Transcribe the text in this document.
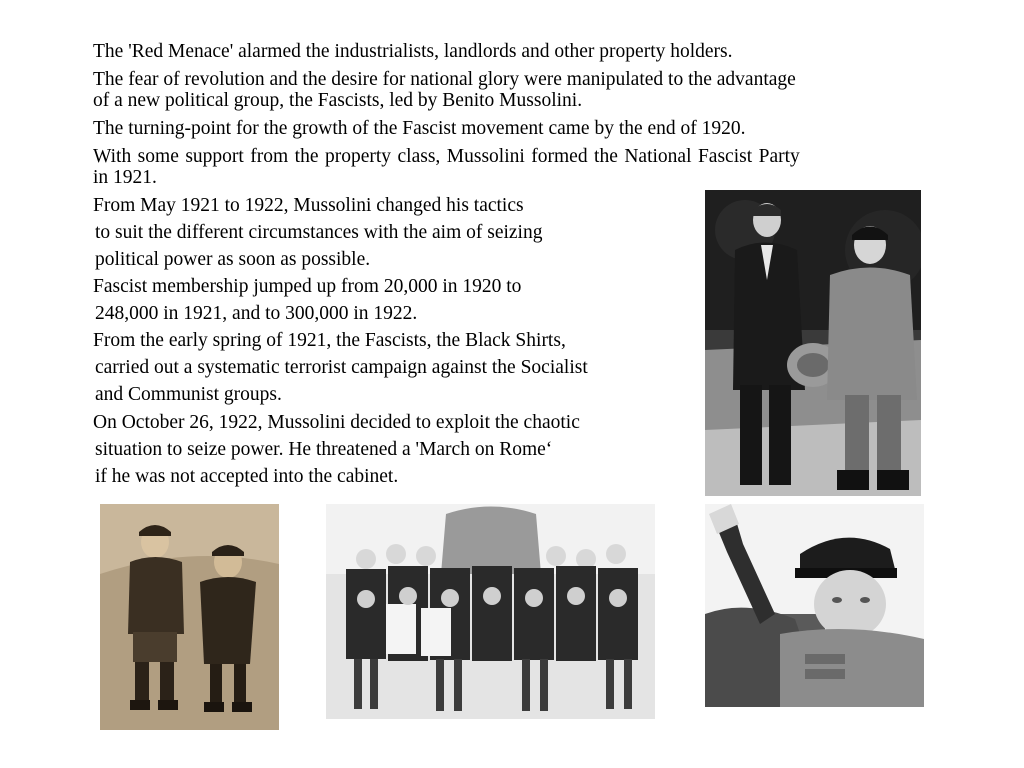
The 'Red Menace' alarmed the industrialists, landlords and other property holders.
The fear of revolution and the desire for national glory were manipulated to the advantage
of a new political group, the Fascists, led by Benito Mussolini.
The turning-point for the growth of the Fascist movement came by the end of 1920.
With some support from the property class, Mussolini formed the National Fascist Party
in 1921.
From May 1921 to 1922, Mussolini changed his tactics
to suit the different circumstances with the aim of seizing
political power as soon as possible.
Fascist membership jumped up from 20,000 in 1920 to
248,000 in 1921, and to 300,000 in 1922.
From the early spring of 1921, the Fascists, the Black Shirts,
carried out a systematic terrorist campaign against the Socialist
and Communist groups.
On October 26, 1922, Mussolini decided to exploit the chaotic
situation to seize power. He threatened a 'March on Rome‘
if he was not accepted into the cabinet.
